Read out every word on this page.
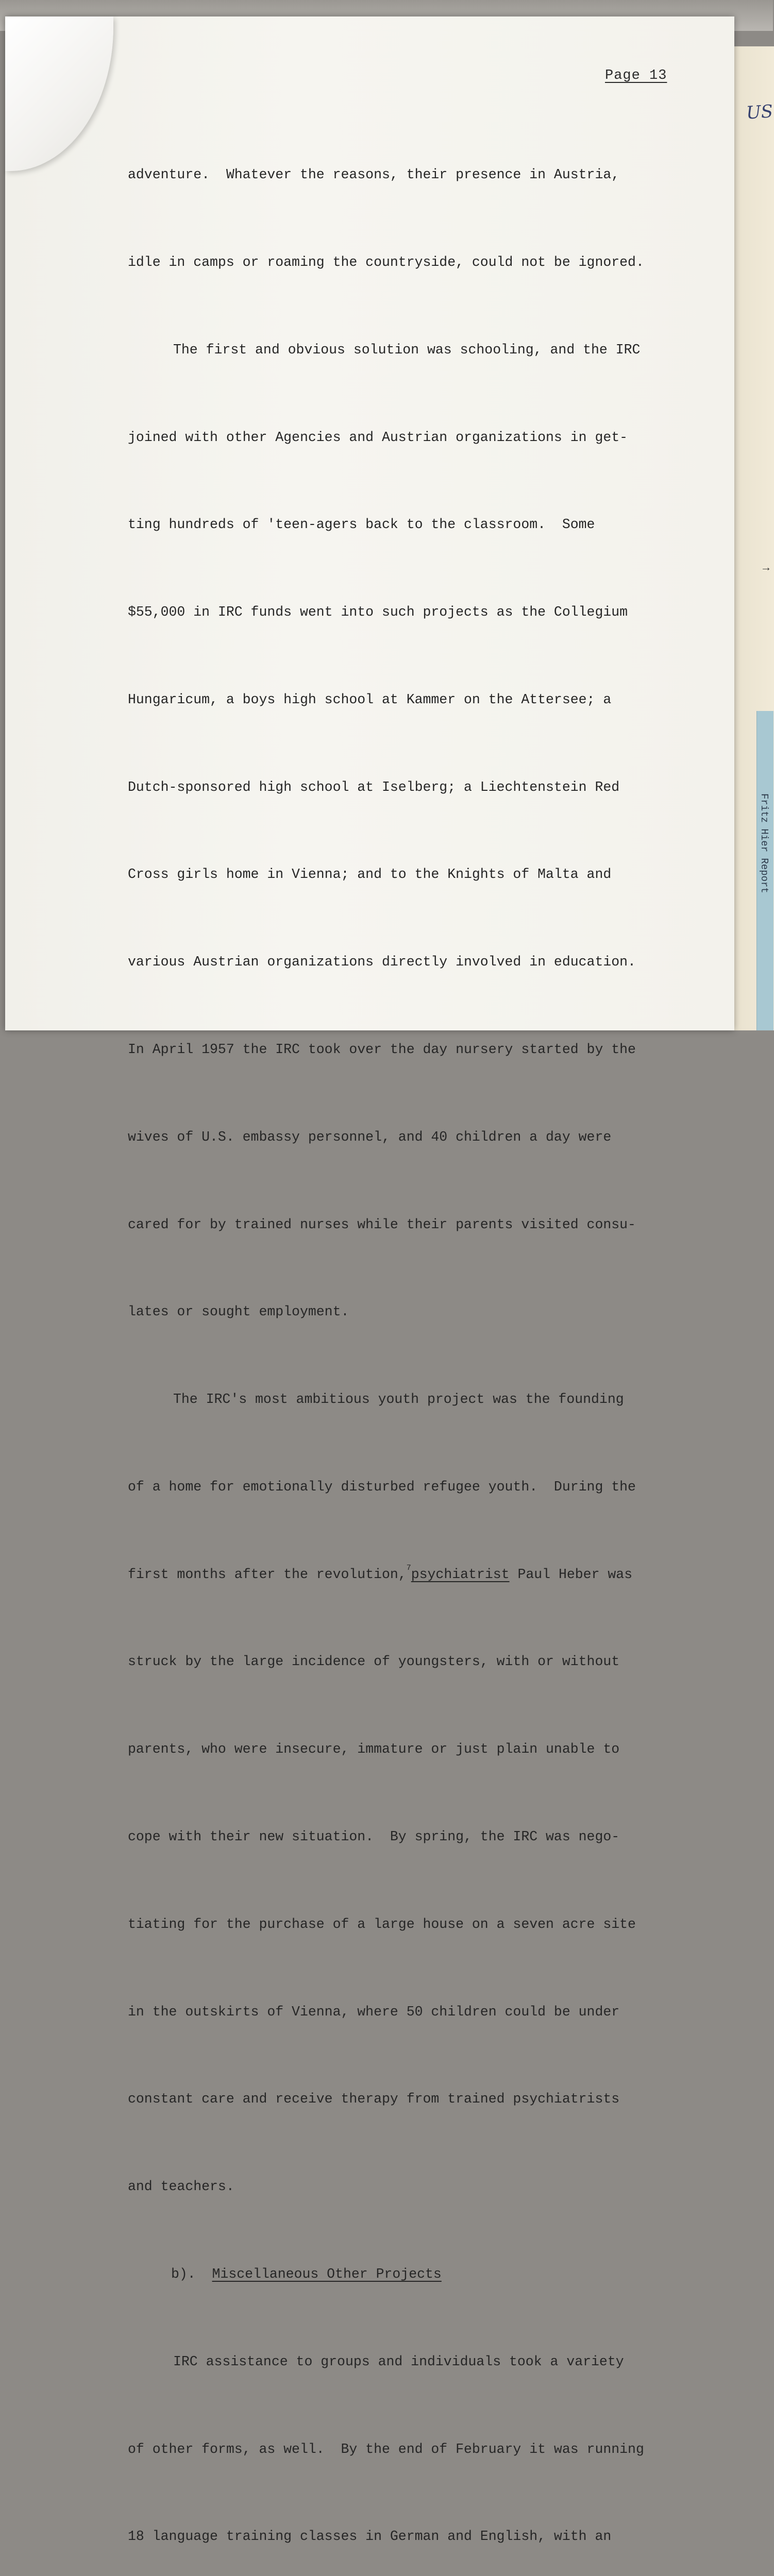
US
→
Fritz Hier Report
Page 13

adventure.  Whatever the reasons, their presence in Austria,

idle in camps or roaming the countryside, could not be ignored.

The first and obvious solution was schooling, and the IRC

joined with other Agencies and Austrian organizations in get-

ting hundreds of 'teen-agers back to the classroom.  Some

$55,000 in IRC funds went into such projects as the Collegium

Hungaricum, a boys high school at Kammer on the Attersee; a

Dutch-sponsored high school at Iselberg; a Liechtenstein Red

Cross girls home in Vienna; and to the Knights of Malta and

various Austrian organizations directly involved in education.

In April 1957 the IRC took over the day nursery started by the

wives of U.S. embassy personnel, and 40 children a day were

cared for by trained nurses while their parents visited consu-

lates or sought employment.

The IRC's most ambitious youth project was the founding

of a home for emotionally disturbed refugee youth.  During the

first months after the revolution,$^7$psychiatrist Paul Heber was

struck by the large incidence of youngsters, with or without

parents, who were insecure, immature or just plain unable to

cope with their new situation.  By spring, the IRC was nego-

tiating for the purchase of a large house on a seven acre site

in the outskirts of Vienna, where 50 children could be under

constant care and receive therapy from trained psychiatrists

and teachers.

b). Miscellaneous Other Projects

IRC assistance to groups and individuals took a variety

of other forms, as well.  By the end of February it was running

18 language training classes in German and English, with an
